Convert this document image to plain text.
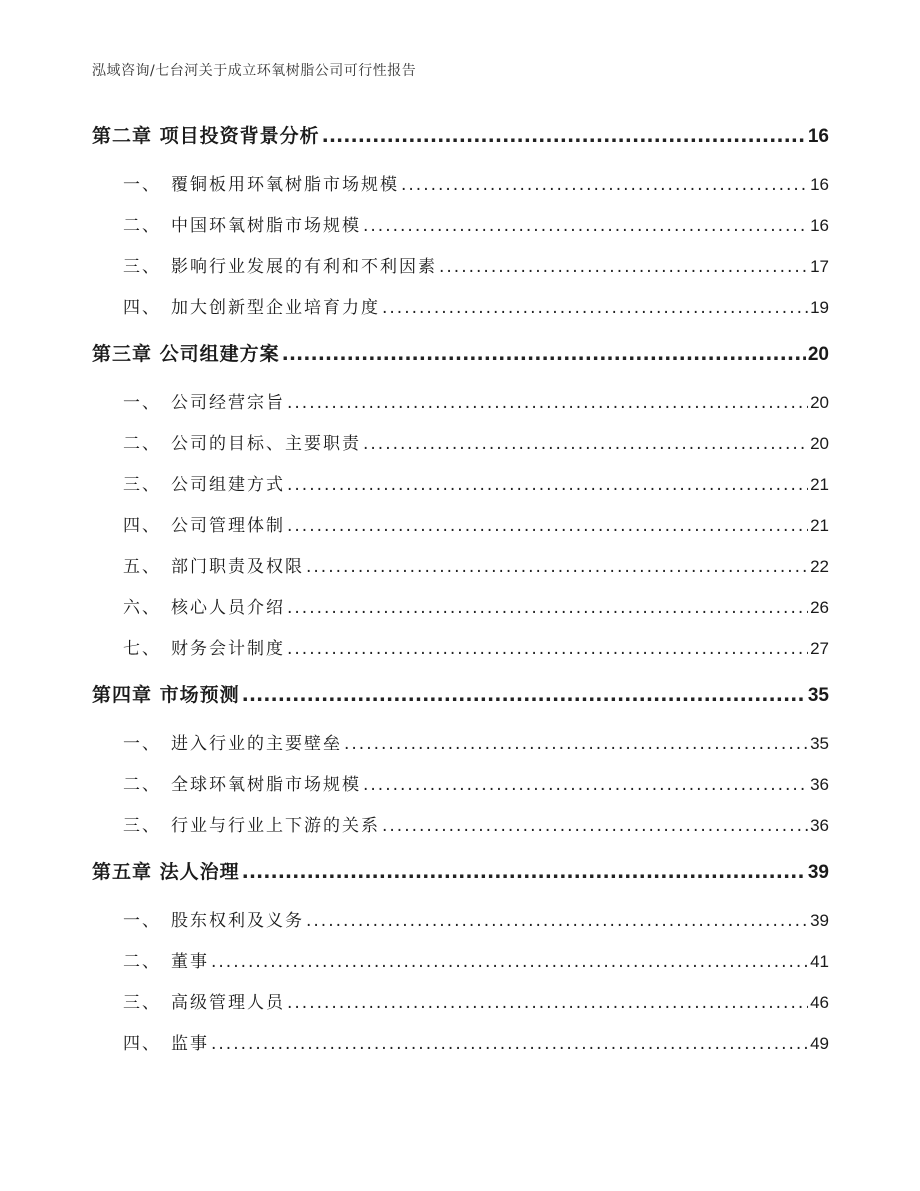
泓域咨询/七台河关于成立环氧树脂公司可行性报告
第二章 项目投资背景分析 .....	16
一、 覆铜板用环氧树脂市场规模 .....	16
二、 中国环氧树脂市场规模 .....	16
三、 影响行业发展的有利和不利因素 .....	17
四、 加大创新型企业培育力度 .....	19
第三章 公司组建方案 .....	20
一、 公司经营宗旨 .....	20
二、 公司的目标、主要职责 .....	20
三、 公司组建方式 .....	21
四、 公司管理体制 .....	21
五、 部门职责及权限 .....	22
六、 核心人员介绍 .....	26
七、 财务会计制度 .....	27
第四章 市场预测 .....	35
一、 进入行业的主要壁垒 .....	35
二、 全球环氧树脂市场规模 .....	36
三、 行业与行业上下游的关系 .....	36
第五章 法人治理 .....	39
一、 股东权利及义务 .....	39
二、 董事 .....	41
三、 高级管理人员 .....	46
四、 监事 .....	49
